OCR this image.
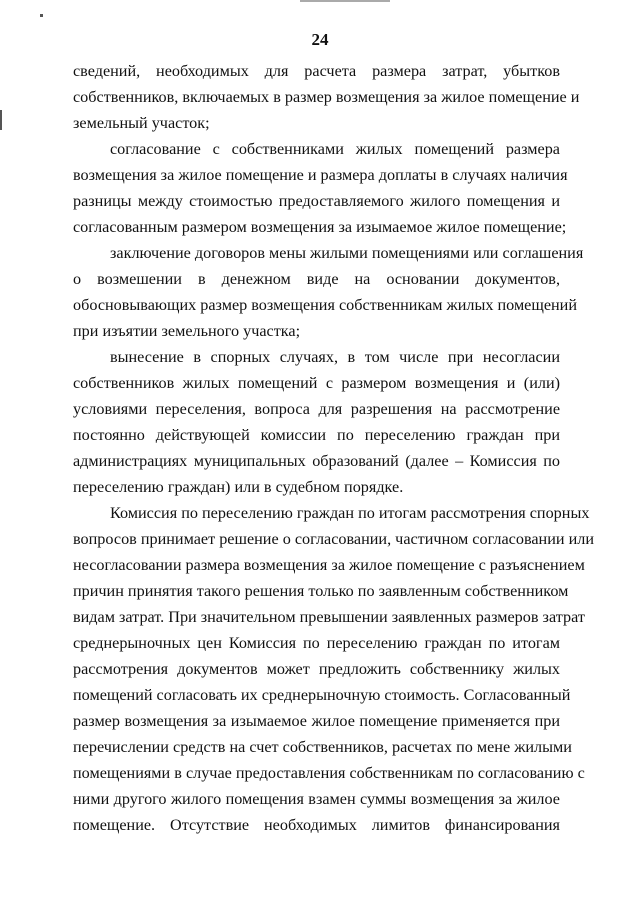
24
сведений, необходимых для расчета размера затрат, убытков
собственников, включаемых в размер возмещения за жилое помещение и
земельный участок;
согласование с собственниками жилых помещений размера
возмещения за жилое помещение и размера доплаты в случаях наличия
разницы между стоимостью предоставляемого жилого помещения и
согласованным размером возмещения за изымаемое жилое помещение;
заключение договоров мены жилыми помещениями или соглашения
о возмешении в денежном виде на основании документов,
обосновывающих размер возмещения собственникам жилых помещений
при изъятии земельного участка;
вынесение в спорных случаях, в том числе при несогласии
собственников жилых помещений с размером возмещения и (или)
условиями переселения, вопроса для разрешения на рассмотрение
постоянно действующей комиссии по переселению граждан при
администрациях муниципальных образований (далее – Комиссия по
переселению граждан) или в судебном порядке.
Комиссия по переселению граждан по итогам рассмотрения спорных
вопросов принимает решение о согласовании, частичном согласовании или
несогласовании размера возмещения за жилое помещение с разъяснением
причин принятия такого решения только по заявленным собственником
видам затрат. При значительном превышении заявленных размеров затрат
среднерыночных цен Комиссия по переселению граждан по итогам
рассмотрения документов может предложить собственнику жилых
помещений согласовать их среднерыночную стоимость. Согласованный
размер возмещения за изымаемое жилое помещение применяется при
перечислении средств на счет собственников, расчетах по мене жилыми
помещениями в случае предоставления собственникам по согласованию с
ними другого жилого помещения взамен суммы возмещения за жилое
помещение. Отсутствие необходимых лимитов финансирования
